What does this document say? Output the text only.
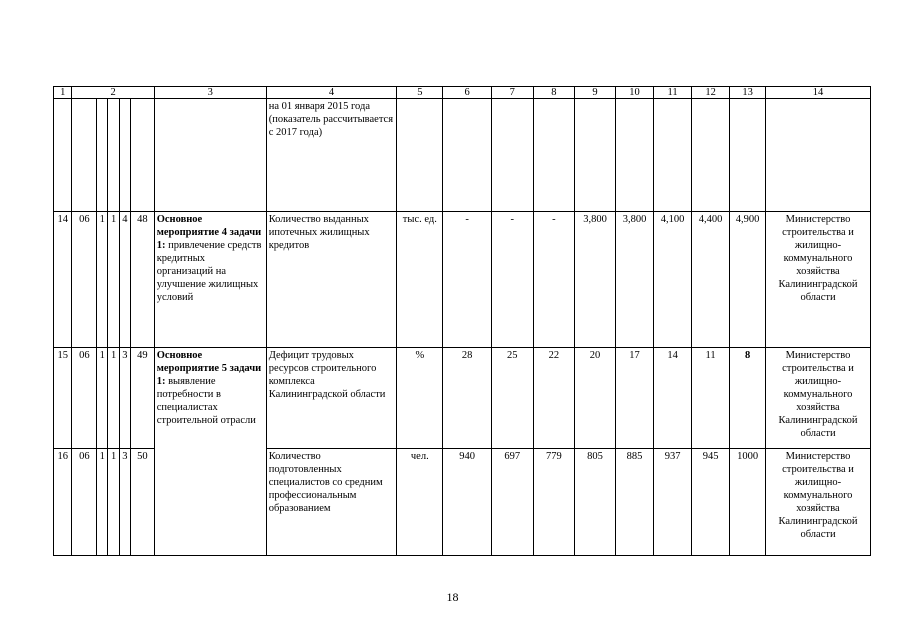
1	2					3	4	5	6	7	8	9	10	11	12	13	14
							на 01 января 2015 года (показатель рассчитывается с 2017 года)										
14	06	1	1	4	48	Основное мероприятие 4 задачи 1: привлечение средств кредитных организаций на улучшение жилищных условий	Количество выданных ипотечных жилищных кредитов	тыс. ед.	-	-	-	3,800	3,800	4,100	4,400	4,900	Министерство строительства и жилищно-коммунального хозяйства Калининградской области
15	06	1	1	3	49	Основное мероприятие 5 задачи 1: выявление потребности в специалистах строительной отрасли	Дефицит трудовых ресурсов строительного комплекса Калининградской области	%	28	25	22	20	17	14	11	8	Министерство строительства и жилищно-коммунального хозяйства Калининградской области
16	06	1	1	3	50		Количество подготовленных специалистов со средним профессиональным образованием	чел.	940	697	779	805	885	937	945	1000	Министерство строительства и жилищно-коммунального хозяйства Калининградской области
18
